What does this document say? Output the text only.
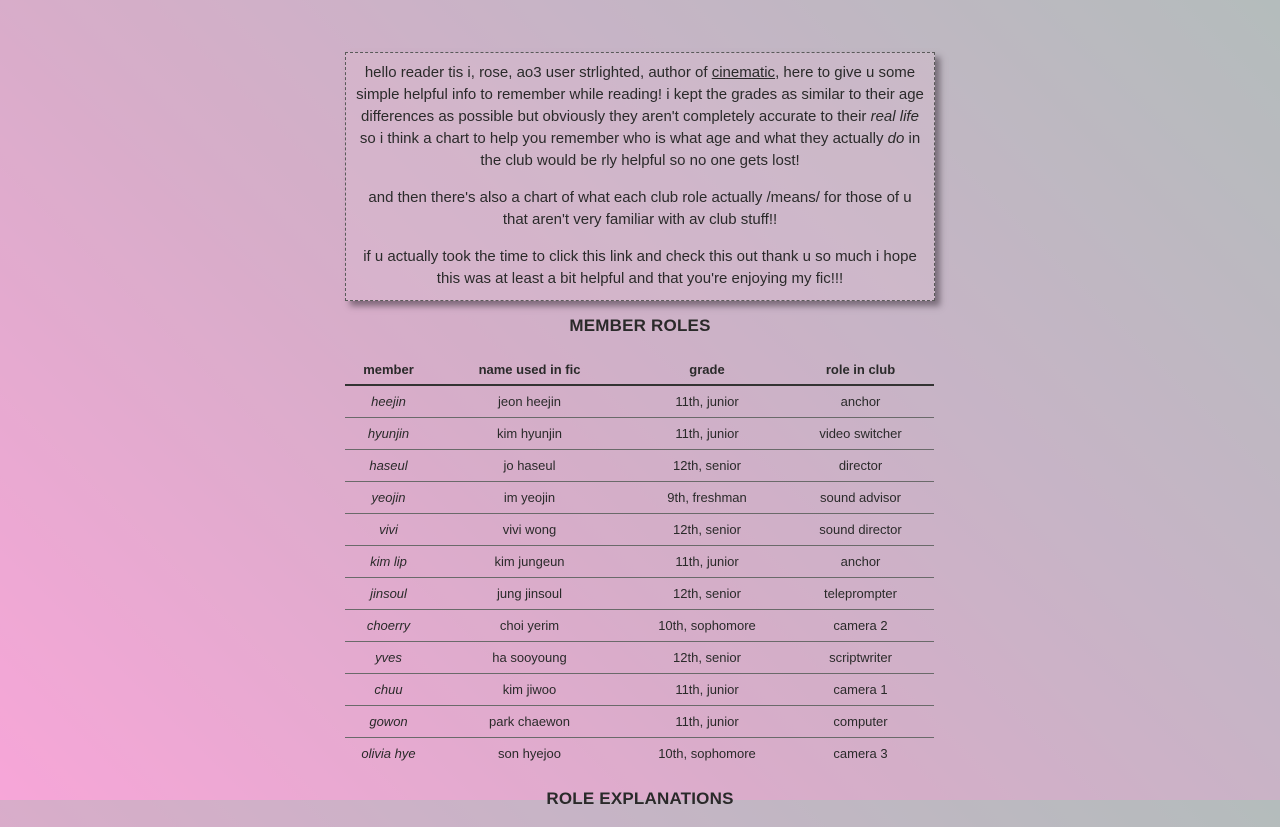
hello reader tis i, rose, ao3 user strlighted, author of cinematic, here to give u some simple helpful info to remember while reading! i kept the grades as similar to their age differences as possible but obviously they aren't completely accurate to their real life so i think a chart to help you remember who is what age and what they actually do in the club would be rly helpful so no one gets lost!

and then there's also a chart of what each club role actually /means/ for those of u that aren't very familiar with av club stuff!!

if u actually took the time to click this link and check this out thank u so much i hope this was at least a bit helpful and that you're enjoying my fic!!!

MEMBER ROLES
member	name used in fic	grade	role in club
heejin	jeon heejin	11th, junior	anchor
hyunjin	kim hyunjin	11th, junior	video switcher
haseul	jo haseul	12th, senior	director
yeojin	im yeojin	9th, freshman	sound advisor
vivi	vivi wong	12th, senior	sound director
kim lip	kim jungeun	11th, junior	anchor
jinsoul	jung jinsoul	12th, senior	teleprompter
choerry	choi yerim	10th, sophomore	camera 2
yves	ha sooyoung	12th, senior	scriptwriter
chuu	kim jiwoo	11th, junior	camera 1
gowon	park chaewon	11th, junior	computer
olivia hye	son hyejoo	10th, sophomore	camera 3
ROLE EXPLANATIONS
